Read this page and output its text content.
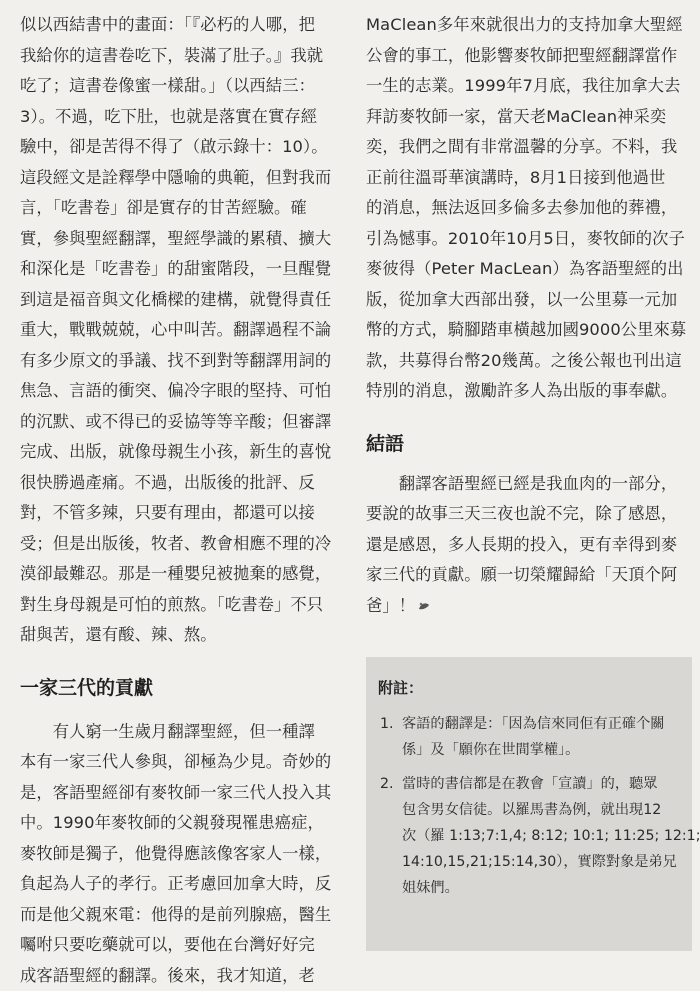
似以西結書中的畫面：「『必朽的人哪，把
我給你的這書卷吃下，裝滿了肚子。』我就
吃了；這書卷像蜜一樣甜。」（以西結三：
3）。不過，吃下肚，也就是落實在實存經
驗中，卻是苦得不得了（啟示錄十：10）。
這段經文是詮釋學中隱喻的典範，但對我而
言，「吃書卷」卻是實存的甘苦經驗。確
實，參與聖經翻譯，聖經學識的累積、擴大
和深化是「吃書卷」的甜蜜階段，一旦醒覺
到這是福音與文化橋樑的建構，就覺得責任
重大，戰戰兢兢，心中叫苦。翻譯過程不論
有多少原文的爭議、找不到對等翻譯用詞的
焦急、言語的衝突、偏冷字眼的堅持、可怕
的沉默、或不得已的妥協等等辛酸；但審譯
完成、出版，就像母親生小孩，新生的喜悅
很快勝過產痛。不過，出版後的批評、反
對，不管多辣，只要有理由，都還可以接
受；但是出版後，牧者、教會相應不理的冷
漠卻最難忍。那是一種嬰兒被拋棄的感覺，
對生身母親是可怕的煎熬。「吃書卷」不只
甜與苦，還有酸、辣、熬。
一家三代的貢獻
　　有人窮一生歲月翻譯聖經，但一種譯
本有一家三代人參與，卻極為少見。奇妙的
是，客語聖經卻有麥牧師一家三代人投入其
中。1990年麥牧師的父親發現罹患癌症，
麥牧師是獨子，他覺得應該像客家人一樣，
負起為人子的孝行。正考慮回加拿大時，反
而是他父親來電：他得的是前列腺癌，醫生
囑咐只要吃藥就可以，要他在台灣好好完
成客語聖經的翻譯。後來，我才知道，老
MaClean多年來就很出力的支持加拿大聖經
公會的事工，他影響麥牧師把聖經翻譯當作
一生的志業。1999年7月底，我往加拿大去
拜訪麥牧師一家，當天老MaClean神采奕
奕，我們之間有非常溫馨的分享。不料，我
正前往溫哥華演講時，8月1日接到他過世
的消息，無法返回多倫多去參加他的葬禮，
引為憾事。2010年10月5日，麥牧師的次子
麥彼得（Peter MacLean）為客語聖經的出
版，從加拿大西部出發，以一公里募一元加
幣的方式，騎腳踏車橫越加國9000公里來募
款，共募得台幣20幾萬。之後公報也刊出這
特別的消息，激勵許多人為出版的事奉獻。
結語
　　翻譯客語聖經已經是我血肉的一部分，
要說的故事三天三夜也說不完，除了感恩，
還是感恩，多人長期的投入，更有幸得到麥
家三代的貢獻。願一切榮耀歸給「天頂个阿
爸」！
附註：
1. 客語的翻譯是：「因為信來同佢有正確个關
係」及「願你在世間掌權」。
2. 當時的書信都是在教會「宣讀」的，聽眾
包含男女信徒。以羅馬書為例，就出現12
次（羅 1:13;7:1,4; 8:12; 10:1; 11:25; 12:1;
14:10,15,21;15:14,30），實際對象是弟兄
姐妹們。
